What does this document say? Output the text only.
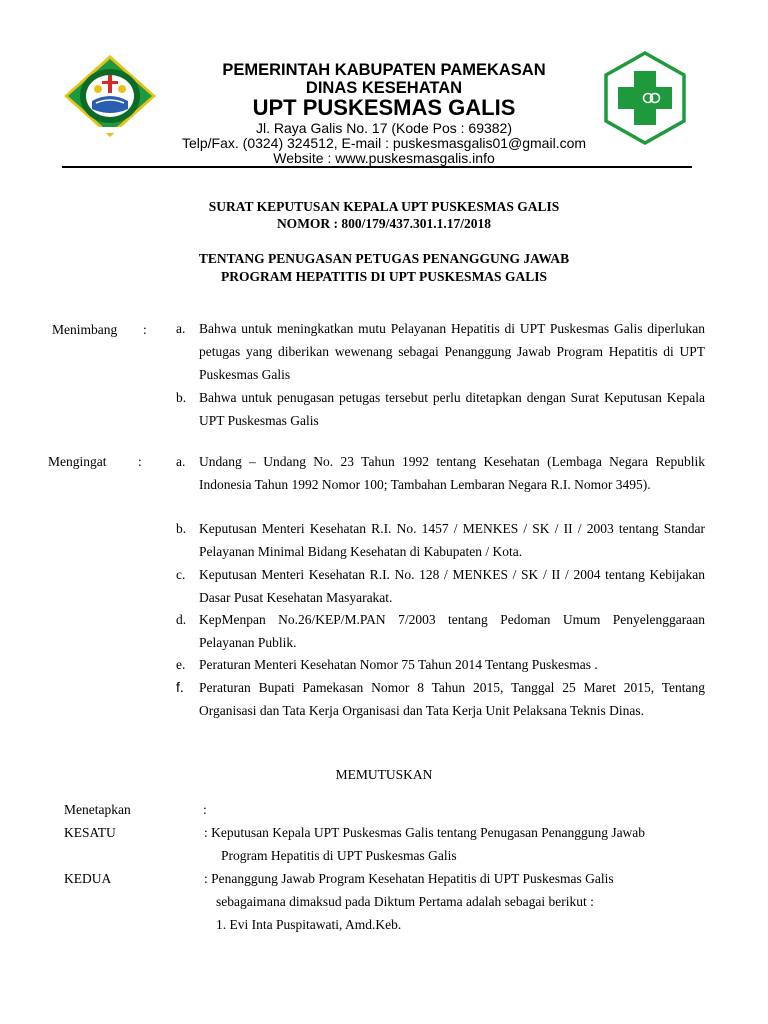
PEMERINTAH KABUPATEN PAMEKASAN
DINAS KESEHATAN
UPT PUSKESMAS GALIS
Jl. Raya Galis No. 17 (Kode Pos : 69382)
Telp/Fax. (0324) 324512, E-mail : puskesmasgalis01@gmail.com
Website : www.puskesmasgalis.info
SURAT KEPUTUSAN KEPALA UPT PUSKESMAS GALIS
NOMOR : 800/179/437.301.1.17/2018
TENTANG PENUGASAN PETUGAS PENANGGUNG JAWAB
PROGRAM HEPATITIS DI UPT PUSKESMAS GALIS
Menimbang : a.	Bahwa untuk meningkatkan mutu Pelayanan Hepatitis di UPT Puskesmas Galis diperlukan petugas yang diberikan wewenang sebagai Penanggung Jawab Program Hepatitis di UPT Puskesmas Galis
b. Bahwa untuk penugasan petugas tersebut perlu ditetapkan dengan Surat Keputusan Kepala UPT Puskesmas Galis
Mengingat :	a.	Undang – Undang No. 23 Tahun 1992 tentang Kesehatan (Lembaga Negara Republik Indonesia Tahun 1992 Nomor 100; Tambahan Lembaran Negara R.I. Nomor 3495).
b. Keputusan Menteri Kesehatan R.I. No. 1457 / MENKES / SK / II / 2003 tentang Standar Pelayanan Minimal Bidang Kesehatan di Kabupaten / Kota.
c.	Keputusan Menteri Kesehatan R.I. No. 128 / MENKES / SK / II / 2004 tentang Kebijakan Dasar Pusat Kesehatan Masyarakat.
d. KepMenpan No.26/KEP/M.PAN 7/2003 tentang Pedoman Umum Penyelenggaraan Pelayanan Publik.
e.	Peraturan Menteri Kesehatan Nomor 75 Tahun 2014 Tentang Puskesmas .
f.	Peraturan Bupati Pamekasan Nomor 8 Tahun 2015, Tanggal 25 Maret 2015, Tentang Organisasi dan Tata Kerja Organisasi dan Tata Kerja Unit Pelaksana Teknis Dinas.
MEMUTUSKAN
Menetapkan	:
KESATU	: Keputusan Kepala UPT Puskesmas Galis tentang Penugasan Penanggung Jawab
Program Hepatitis di UPT Puskesmas Galis
KEDUA	: Penanggung Jawab Program Kesehatan Hepatitis di UPT Puskesmas Galis
sebagaimana dimaksud pada Diktum Pertama adalah sebagai berikut :
1. Evi Inta Puspitawati, Amd.Keb.
